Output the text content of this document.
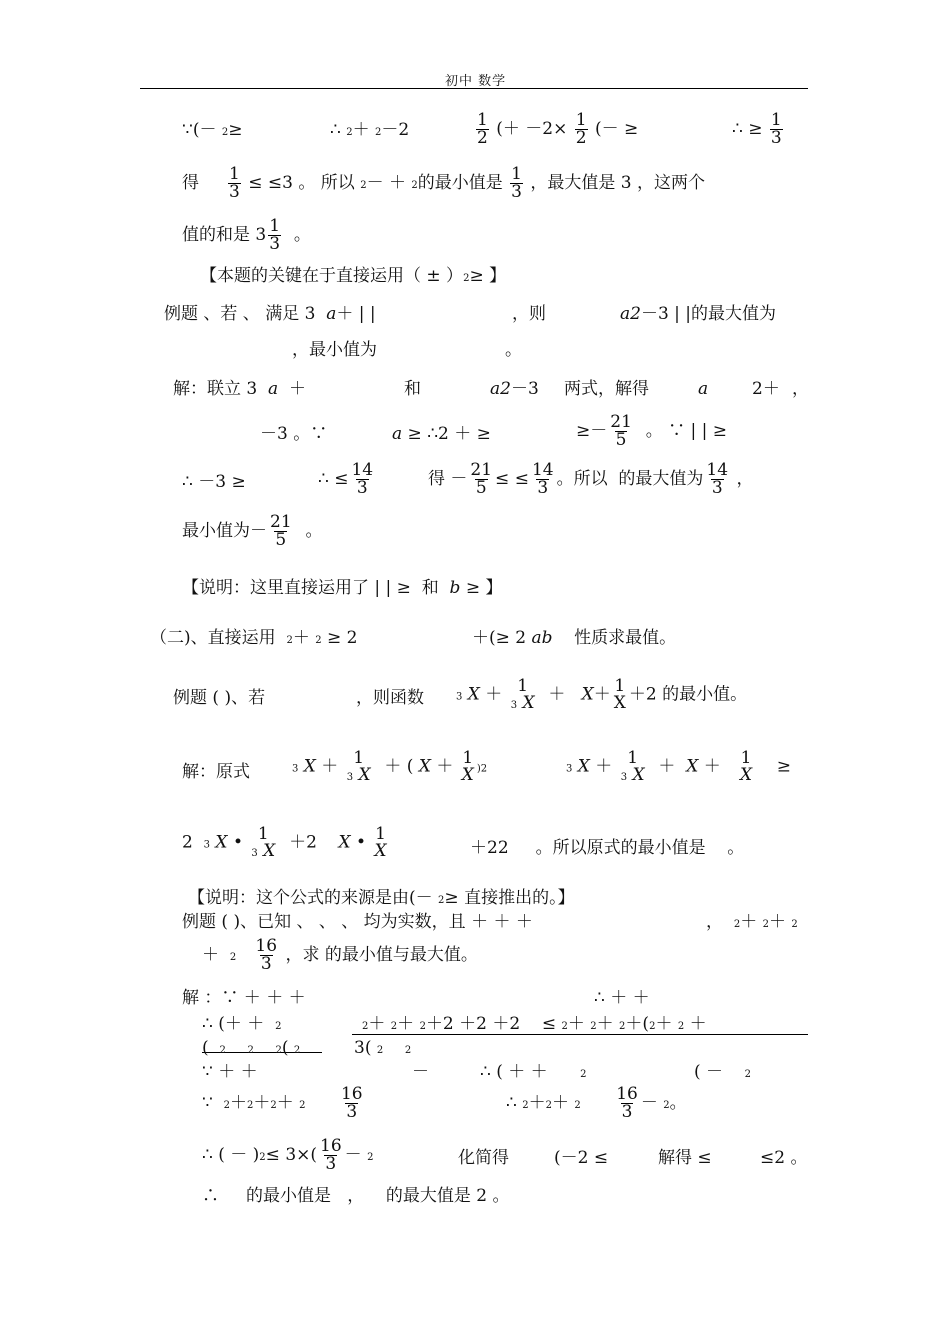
初中 数学
∵(－ 2≥	∴ 2＋ 2－2	$\frac{1}{2}$ (＋ $-2\times \frac{1}{2}$ (－ ≥	∴ ≥ $\frac{1}{3}$
得 $\frac{1}{3} \le \le 3$ 。 所以 2－ ＋ 2的最小值是 $\frac{1}{3}$ ，最大值是 3 ，这两个
值的和是 $3 \frac{1}{3}$ 。
【本题的关键在于直接运用（ ± ）2≥ 】
例题 、若 、 满足 3 a＋ | |	，则	a2－3 | |的最大值为
，最小值为	。
解：联立 3 a ＋	和	a2－3 两式，解得	a	2＋ ，
－3 。∵	a ≥ ∴2 ＋ ≥	≥－ $\frac{21}{5}$ 。 ∵ | | ≥
∴ －3 ≥	∴ ≤ $\frac{14}{3}$	得 － $\frac{21}{5}$ ≤ ≤ $\frac{14}{3}$ 。所以 的最大值为 $\frac{14}{3}$ ，
最小值为－ $\frac{21}{5}$ 。
【说明：这里直接运用了 | | ≥ 和 b ≥ 】
（二)、直接运用 2＋ 2 ≥ 2	＋(≥ 2 ab 性质求最值。
例题 ( )、若	，则函数	3 X ＋ 1
3 X ＋ X＋ 1
X ＋2 的最小值。
解：原式	3 X ＋ 1
3 X ＋ ( X ＋ 1
X )2	3 X ＋ 1
3 X ＋ X ＋ 1
X ≥
2 3 X • 1
3 X ＋2 X • 1
X	＋22 。所以原式的最小值是 。
【说明：这个公式的来源是由(－ 2≥ 直接推出的。】
例题 ( )、已知 、 、 、 均为实数，且 ＋ ＋ ＋	， 2＋ 2＋ 2
＋ $2 \frac{16}{3}$ ，求 的最小值与最大值。
解 ：∵ ＋ ＋ ＋	∴ ＋ ＋
∴ (＋ ＋ 2	2＋ 2＋ 2＋2 ＋2 ＋2 ≤ 2＋ 2＋ 2＋(2＋ 2 ＋
( 2 2 2( 2	3( 2 2
∵ ＋ ＋	－	∴ ( ＋ ＋	2	( － 2
∵ $2+2+2+ 2 \frac{16}{3}$	∴ $2+2+ 2 \frac{16}{3} - 2$。
∴ ( － )$2\le 3\times( \frac{16}{3} - 2$	化简得	(－2 ≤	解得 ≤	≤2 。
∴ 的最小值是 ， 的最大值是 2 。
